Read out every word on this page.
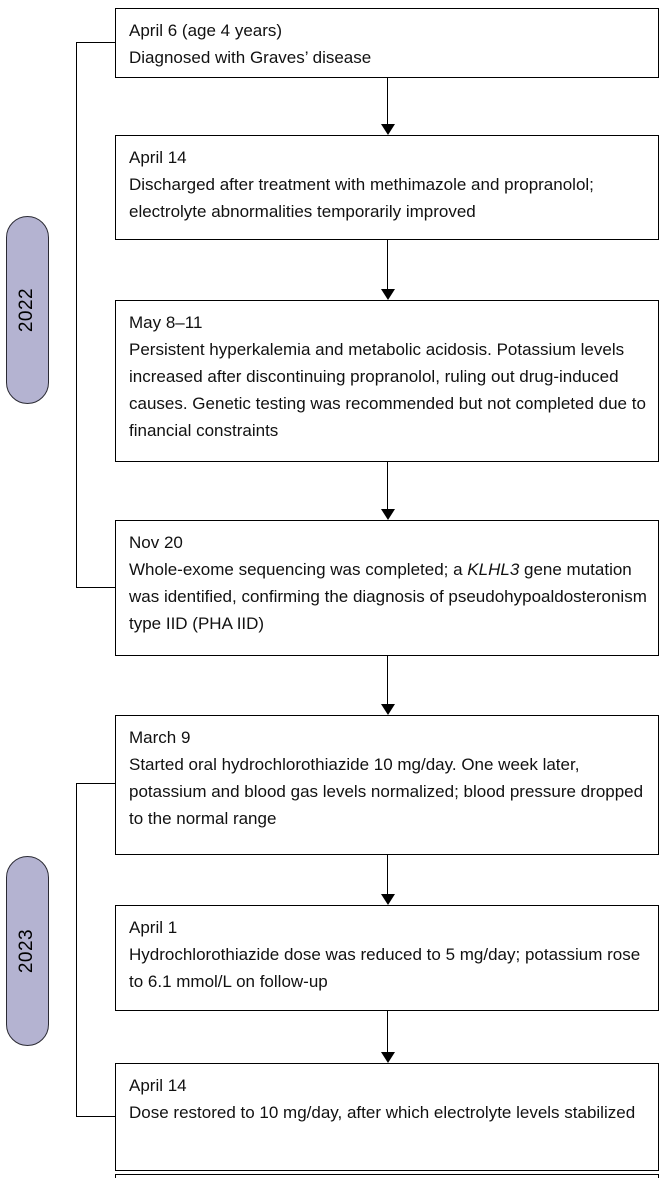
2022
2023
April 6 (age 4 years)
Diagnosed with Graves’ disease
April 14
Discharged after treatment with methimazole and propranolol; electrolyte abnormalities temporarily improved
May 8–11
Persistent hyperkalemia and metabolic acidosis. Potassium levels increased after discontinuing propranolol, ruling out drug-induced causes. Genetic testing was recommended but not completed due to financial constraints
Nov 20
Whole-exome sequencing was completed; a KLHL3 gene mutation was identified, confirming the diagnosis of pseudohypoaldosteronism type IID (PHA IID)
March 9
Started oral hydrochlorothiazide 10 mg/day. One week later, potassium and blood gas levels normalized; blood pressure dropped to the normal range
April 1
Hydrochlorothiazide dose was reduced to 5 mg/day; potassium rose to 6.1 mmol/L on follow-up
April 14
Dose restored to 10 mg/day, after which electrolyte levels stabilized
